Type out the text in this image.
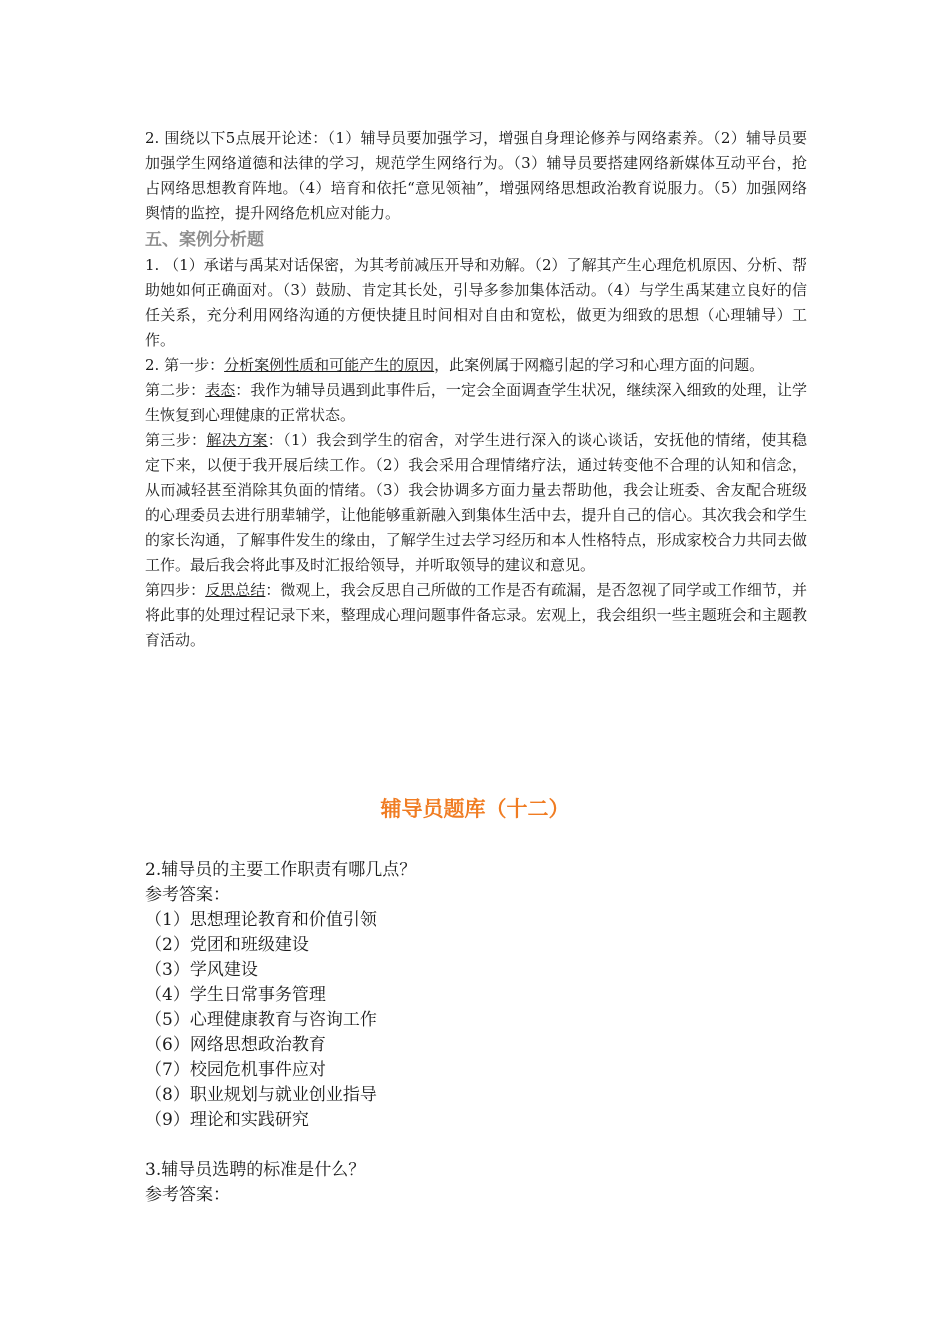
2. 围绕以下5点展开论述：（1）辅导员要加强学习，增强自身理论修养与网络素养。（2）辅导员要加强学生网络道德和法律的学习，规范学生网络行为。（3）辅导员要搭建网络新媒体互动平台，抢占网络思想教育阵地。（4）培育和依托“意见领袖”，增强网络思想政治教育说服力。（5）加强网络舆情的监控，提升网络危机应对能力。

五、案例分析题

1. （1）承诺与禹某对话保密，为其考前减压开导和劝解。（2）了解其产生心理危机原因、分析、帮助她如何正确面对。（3）鼓励、肯定其长处，引导多参加集体活动。（4）与学生禹某建立良好的信任关系，充分利用网络沟通的方便快捷且时间相对自由和宽松，做更为细致的思想（心理辅导）工作。

2. 第一步：分析案例性质和可能产生的原因，此案例属于网瘾引起的学习和心理方面的问题。

第二步：表态：我作为辅导员遇到此事件后，一定会全面调查学生状况，继续深入细致的处理，让学生恢复到心理健康的正常状态。

第三步：解决方案：（1）我会到学生的宿舍，对学生进行深入的谈心谈话，安抚他的情绪，使其稳定下来，以便于我开展后续工作。（2）我会采用合理情绪疗法，通过转变他不合理的认知和信念，从而减轻甚至消除其负面的情绪。（3）我会协调多方面力量去帮助他，我会让班委、舍友配合班级的心理委员去进行朋辈辅学，让他能够重新融入到集体生活中去，提升自己的信心。其次我会和学生的家长沟通，了解事件发生的缘由，了解学生过去学习经历和本人性格特点，形成家校合力共同去做工作。最后我会将此事及时汇报给领导，并听取领导的建议和意见。

第四步：反思总结：微观上，我会反思自己所做的工作是否有疏漏，是否忽视了同学或工作细节，并将此事的处理过程记录下来，整理成心理问题事件备忘录。宏观上，我会组织一些主题班会和主题教育活动。

辅导员题库（十二）

2.辅导员的主要工作职责有哪几点？

参考答案：

（1）思想理论教育和价值引领

（2）党团和班级建设

（3）学风建设

（4）学生日常事务管理

（5）心理健康教育与咨询工作

（6）网络思想政治教育

（7）校园危机事件应对

（8）职业规划与就业创业指导

（9）理论和实践研究

3.辅导员选聘的标准是什么？

参考答案：
